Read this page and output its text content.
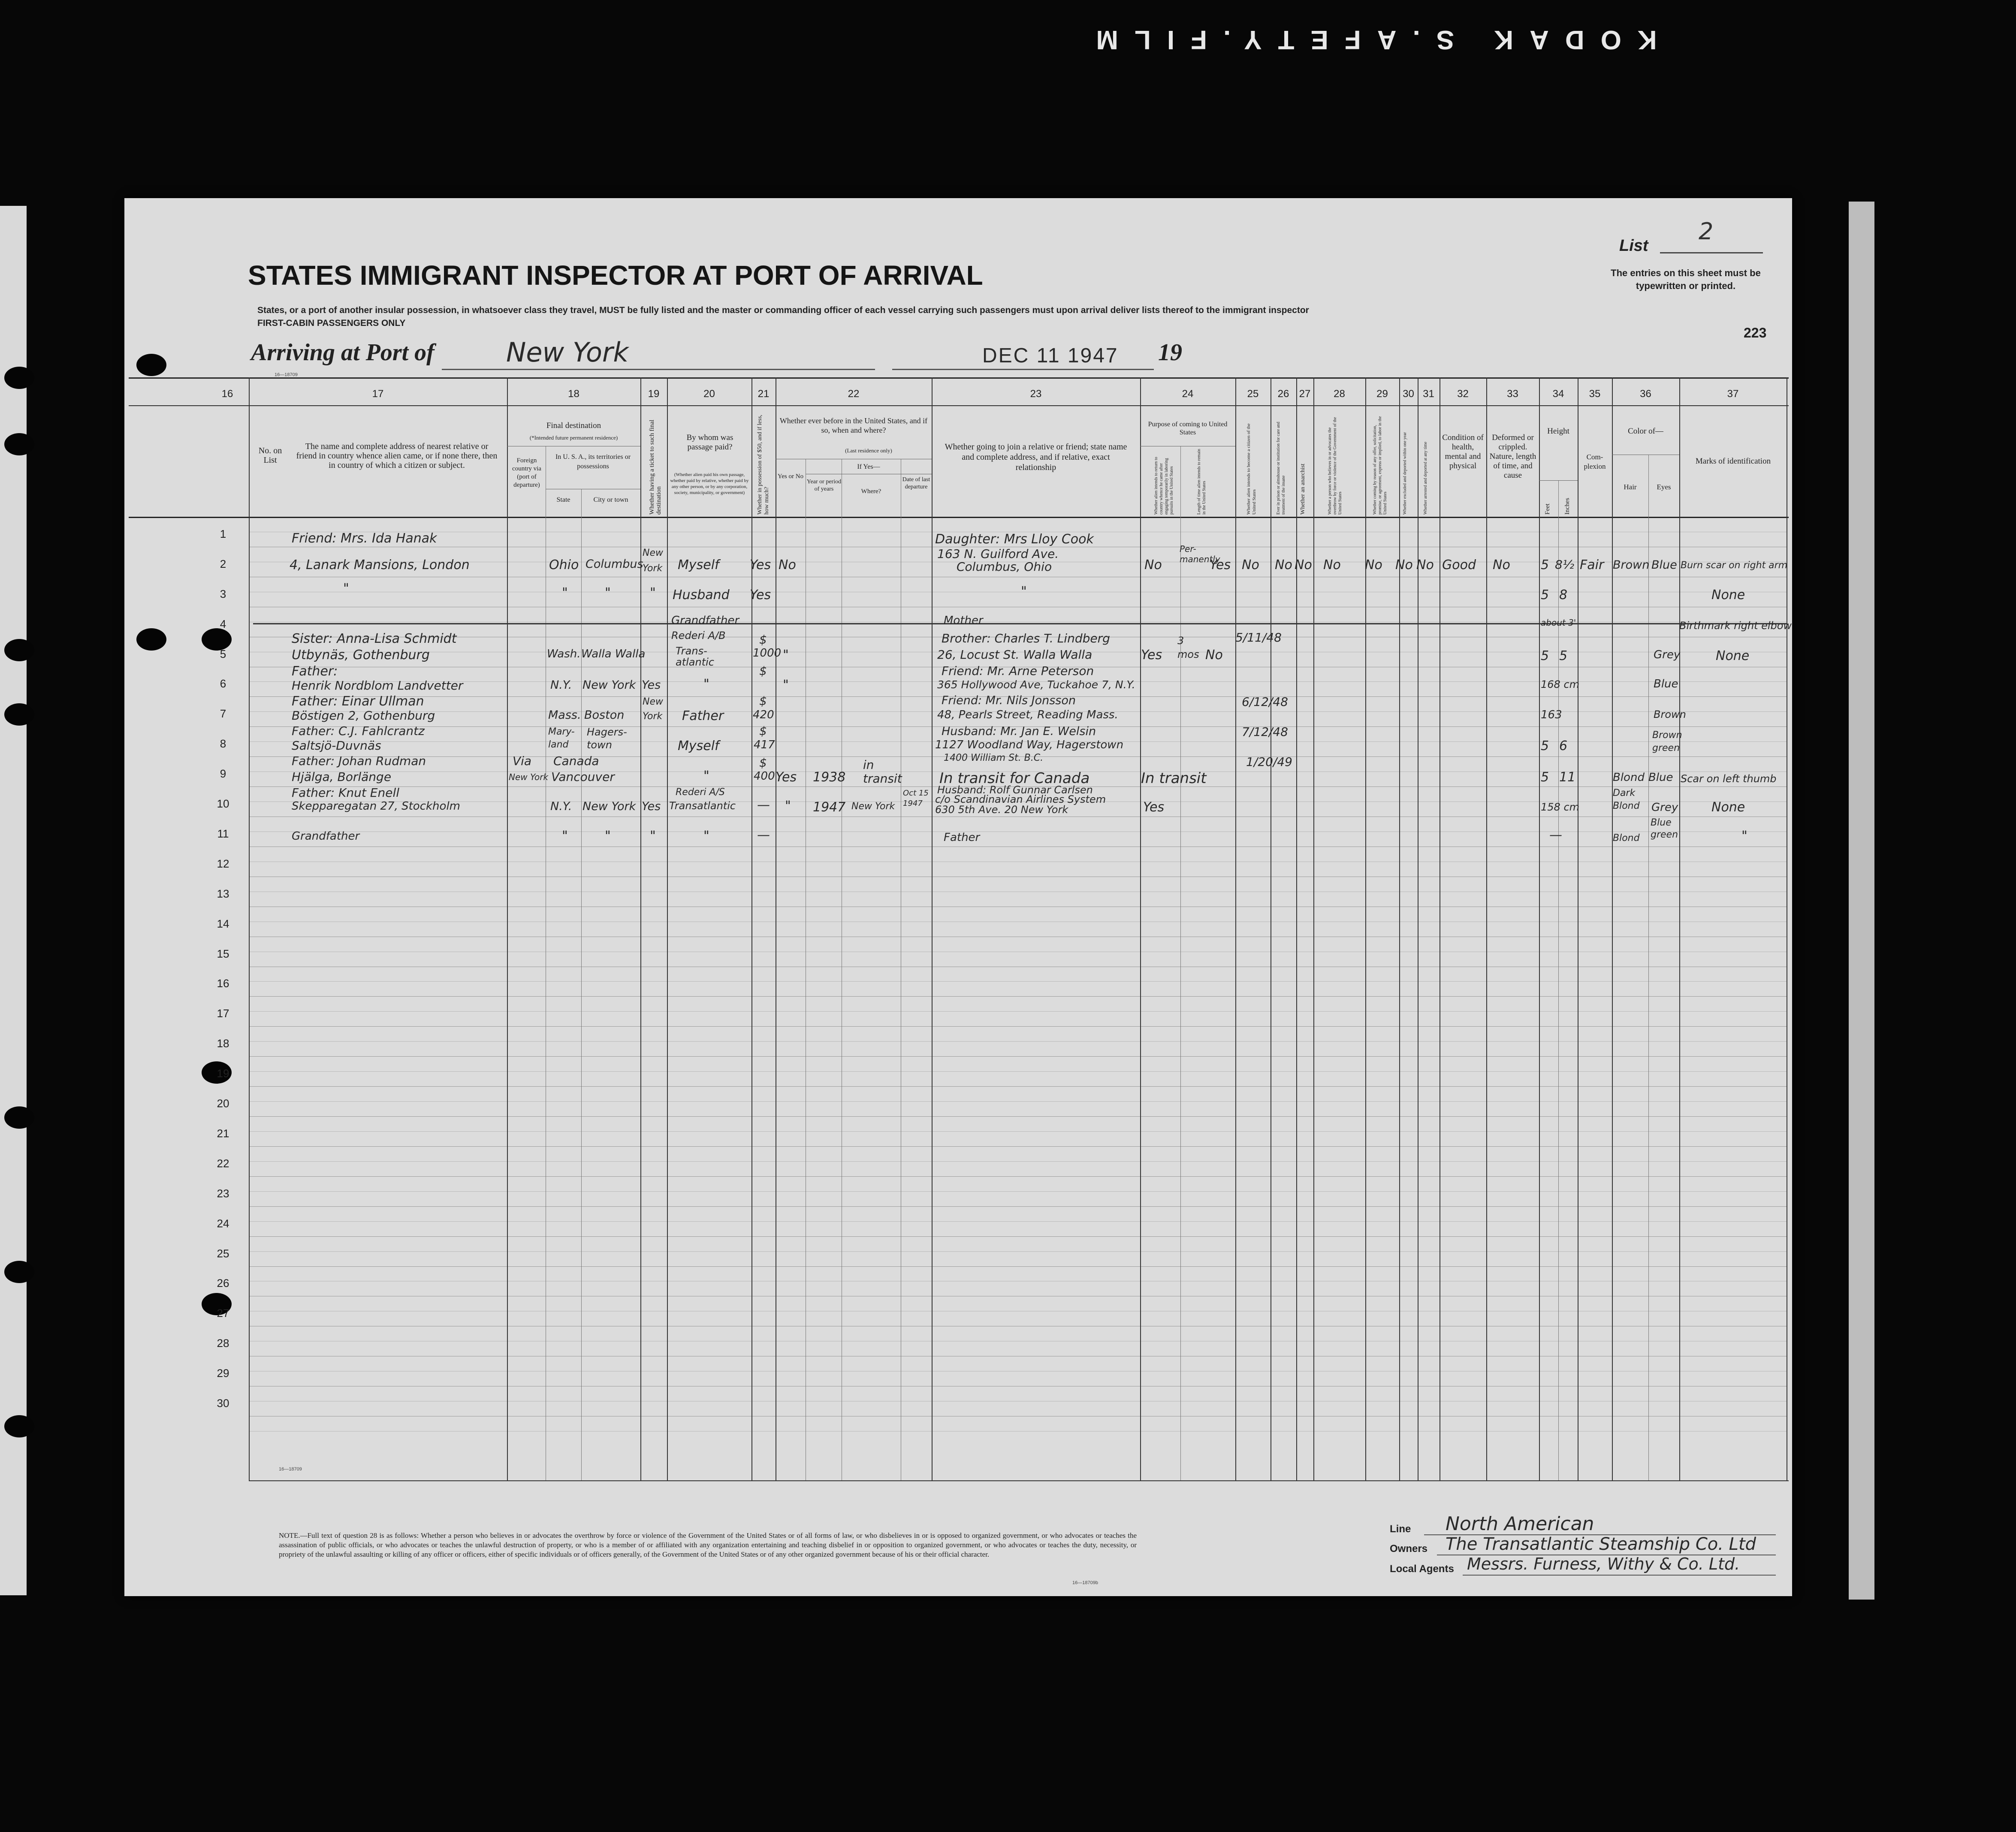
KODAK S.AFETY.FILM
STATES IMMIGRANT INSPECTOR AT PORT OF ARRIVAL
States, or a port of another insular possession, in whatsoever class they travel, MUST be fully listed and the master or commanding officer of each vessel carrying such passengers must upon arrival deliver lists thereof to the immigrant inspector
FIRST-CABIN PASSENGERS ONLY
List
2
The entries on this sheet must be typewritten or printed.
223
Arriving at Port of	New York	DEC 11 1947 19
16—18709
16	17	18	19	20	21	22	23	24	25	26 27	28	29	30 31	32	33	34	35	36	37
No. on List
The name and complete address of nearest relative or friend in country whence alien came, or if none there, then in country of which a citizen or subject.
Final destination
(*Intended future permanent residence)
Foreign country via (port of departure)
In U. S. A., its territories or possessions
State	City or town	Whether having a ticket to such final destination
By whom was passage paid?
(Whether alien paid his own passage, whether paid by relative, whether paid by any other person, or by any corporation, society, municipality, or government)	Whether in possession of $50, and if less, how much?
Whether ever before in the United States, and if so, when and where?
(Last residence only)
If Yes—
Yes or No
Year or period of years	Where?
Date of last departure
Whether going to join a relative or friend; state name and complete address, and if relative, exact relationship
Purpose of coming to United States
Whether alien intends to return to country whence he came after engaging temporarily in laboring pursuits in the United States	Length of time alien intends to remain in the United States	Whether alien intends to become a citizen of the United States	Ever in prison or almshouse or institution for care and treatment of the insane Whether an anarchist	Whether a person who believes in or advocates the overthrow by force or violence of the Government of the United States	Whether coming by reason of any offer, solicitation, promise, or agreement, express or implied, to labor in the United States	Whether excluded and deported within one year	Whether arrested and deported at any time
Condition of health, mental and physical
Deformed or crippled. Nature, length of time, and cause
Height
Feet Inches
Com-plexion
Color of—
Hair	Eyes
Marks of identification
1
2
3
4
5
6
7
8
9
10
11
12
13
14
15
16
17
18
19
20
21
22
23
24
25
26
27
28
29
30
Friend: Mrs. Ida Hanak
4, Lanark Mansions, London	Ohio Columbus
New York	Myself Yes No
Daughter: Mrs Lloy Cook
163 N. Guilford Ave.
Columbus, Ohio	No
Per-manently
Yes No No No No No No No Good No 5 8½ Fair Brown Blue Burn scar on right arm
"	"	"	" Husband Yes	"	5 8	None
Grandfather	Mother	about 3'	Birthmark right elbow
Sister: Anna-Lisa Schmidt
Utbynäs, Gothenburg	Wash. Walla Walla
Rederi A/B
Trans-atlantic
$
1000 "
Brother: Charles T. Lindberg
26, Locust St. Walla Walla	Yes
3 mos No
5/11/48
5 5	Grey	None
Father:
Henrik Nordblom Landvetter	N.Y. New York Yes	"
$
"
Friend: Mr. Arne Peterson
365 Hollywood Ave, Tuckahoe 7, N.Y.	168 cm	Blue
Father: Einar Ullman
Böstigen 2, Gothenburg	Mass. Boston
New York	Father
$
420
Friend: Mr. Nils Jonsson
48, Pearls Street, Reading Mass.
6/12/48
163	Brown
Father: C.J. Fahlcrantz
Saltsjö-Duvnäs
Mary-land
Hagers-town	Myself
$
417
Husband: Mr. Jan E. Welsin
1127 Woodland Way, Hagerstown
7/12/48
5 6
Brown green
Father: Johan Rudman
Hjälga, Borlänge
Via
New York
Canada
Vancouver	"
$
400 Yes 1938
in transit
1400 William St. B.C.
In transit for Canada	In transit
1/20/49
5 11	Blond Blue Scar on left thumb
Father: Knut Enell
Skepparegatan 27, Stockholm	N.Y. New York Yes
Rederi A/S
Transatlantic — " 1947 New York
Oct 15 1947
Husband: Rolf Gunnar Carlsen
c/o Scandinavian Airlines System
630 5th Ave. 20 New York	Yes	158 cm
Dark Blond Grey	None
Grandfather	"	"	"	"	—	Father	—	Blond
Blue green	"
16—18709
16—18709b
NOTE.—Full text of question 28 is as follows: Whether a person who believes in or advocates the overthrow by force or violence of the Government of the United States or of all forms of law, or who disbelieves in or is opposed to organized government, or who advocates or teaches the assassination of public officials, or who advocates or teaches the unlawful destruction of property, or who is a member of or affiliated with any organization entertaining and teaching disbelief in or opposition to organized government, or who advocates or teaches the duty, necessity, or propriety of the unlawful assaulting or killing of any officer or officers, either of specific individuals or of officers generally, of the Government of the United States or of any other organized government because of his or their official character.
Line North American
Owners The Transatlantic Steamship Co. Ltd
Local Agents Messrs. Furness, Withy & Co. Ltd.
